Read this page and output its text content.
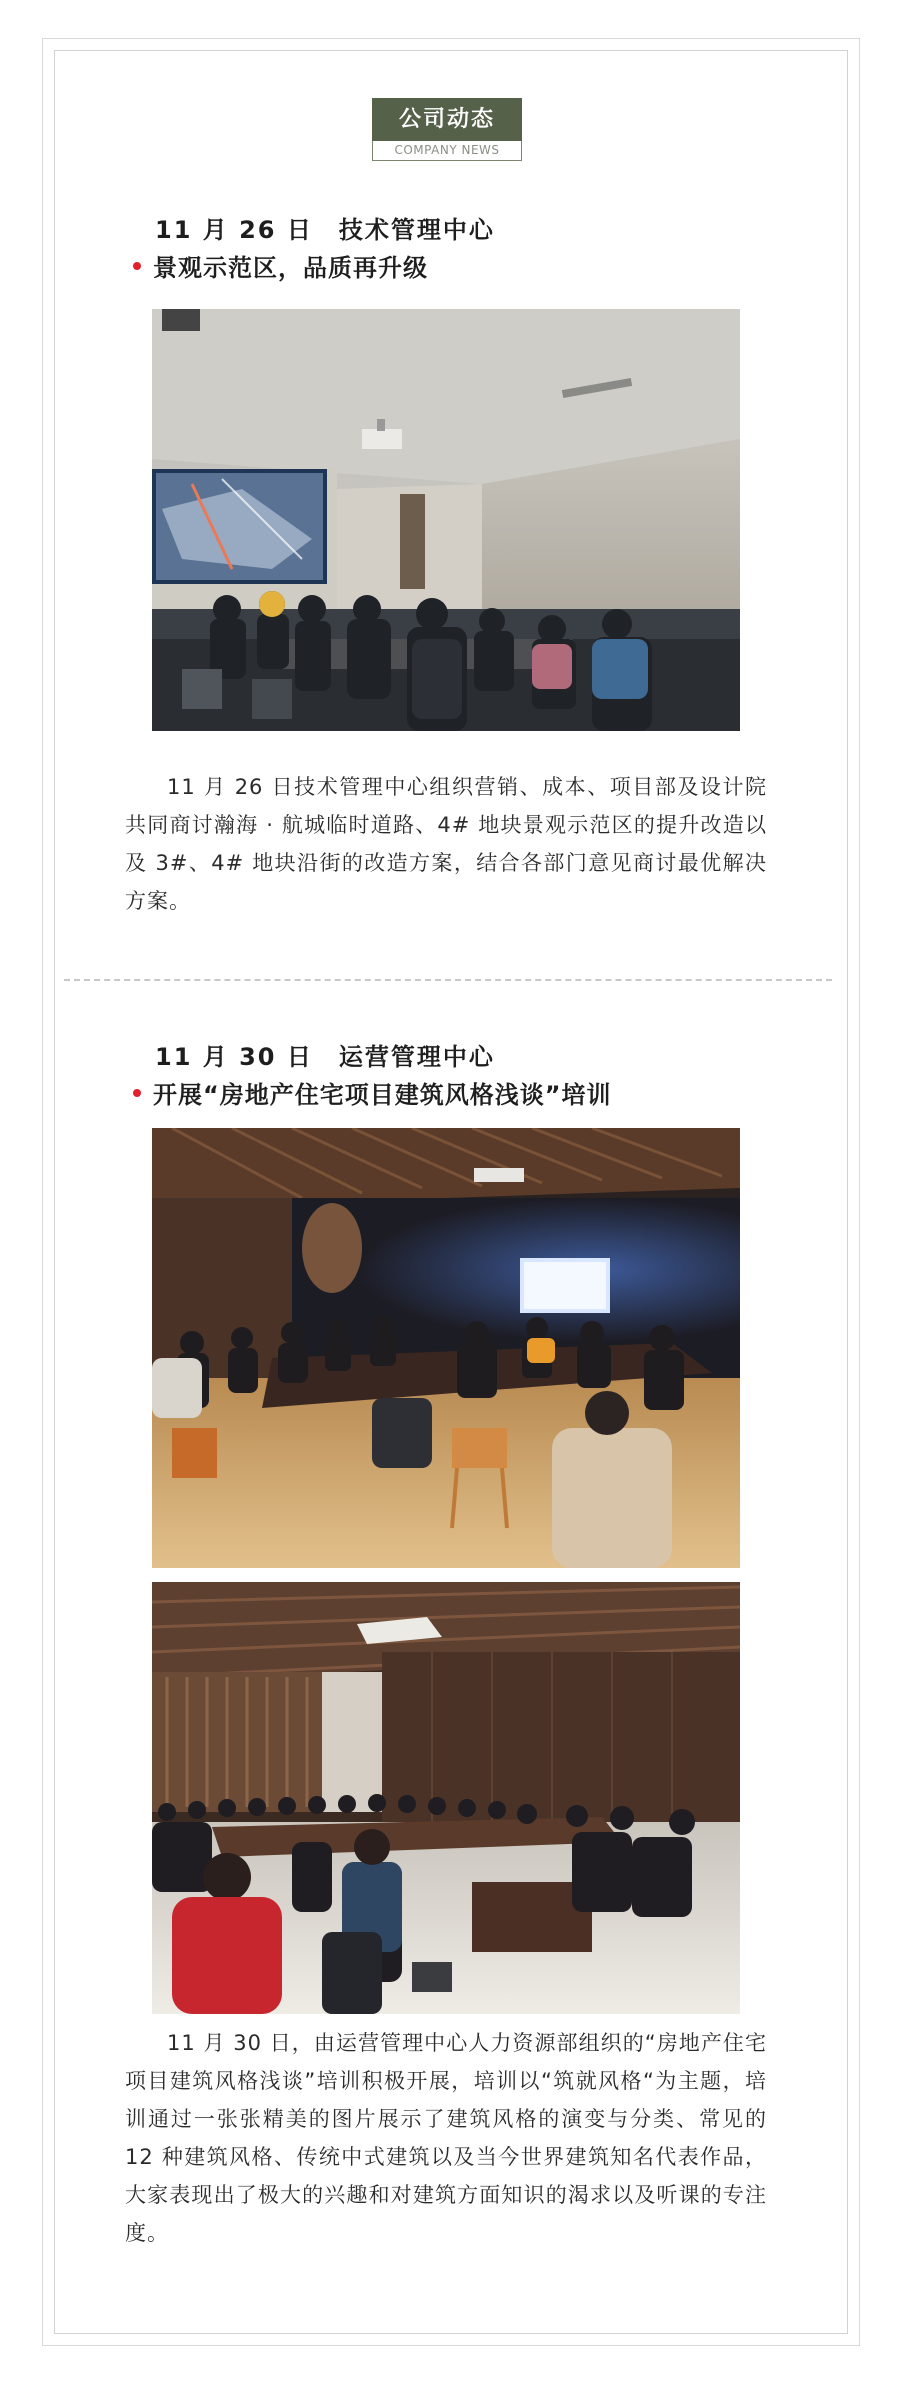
公司动态
COMPANY NEWS
11 月 26 日 技术管理中心
景观示范区，品质再升级
11 月 26 日技术管理中心组织营销、成本、项目部及设计院共同商讨瀚海 · 航城临时道路、4# 地块景观示范区的提升改造以及 3#、4# 地块沿街的改造方案，结合各部门意见商讨最优解决方案。
11 月 30 日 运营管理中心
开展“房地产住宅项目建筑风格浅谈”培训
11 月 30 日，由运营管理中心人力资源部组织的“房地产住宅项目建筑风格浅谈”培训积极开展，培训以“筑就风格“为主题，培训通过一张张精美的图片展示了建筑风格的演变与分类、常见的 12 种建筑风格、传统中式建筑以及当今世界建筑知名代表作品，大家表现出了极大的兴趣和对建筑方面知识的渴求以及听课的专注度。
